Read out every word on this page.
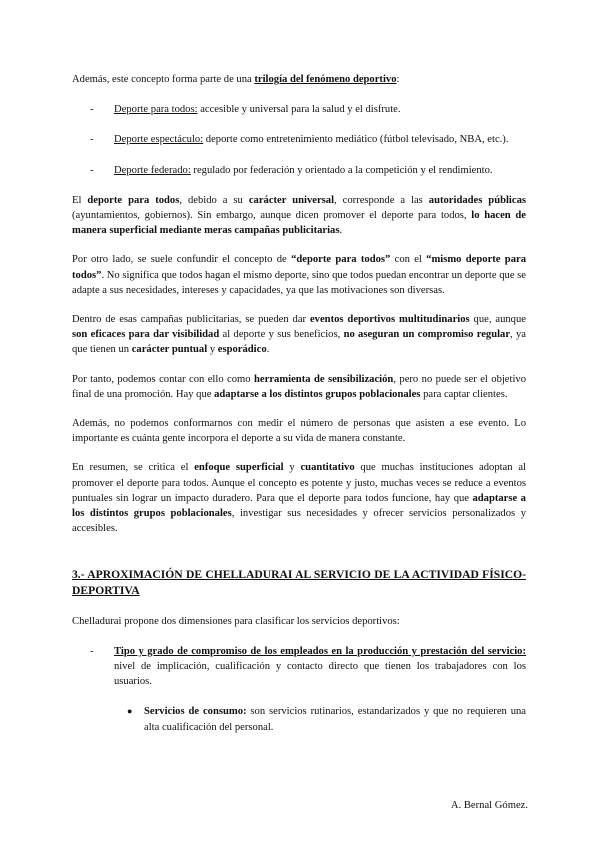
Además, este concepto forma parte de una trilogía del fenómeno deportivo:

- Deporte para todos: accesible y universal para la salud y el disfrute.

- Deporte espectáculo: deporte como entretenimiento mediático (fútbol televisado, NBA, etc.).

- Deporte federado: regulado por federación y orientado a la competición y el rendimiento.

El deporte para todos, debido a su carácter universal, corresponde a las autoridades públicas (ayuntamientos, gobiernos). Sin embargo, aunque dicen promover el deporte para todos, lo hacen de manera superficial mediante meras campañas publicitarias.

Por otro lado, se suele confundir el concepto de “deporte para todos” con el “mismo deporte para todos”. No significa que todos hagan el mismo deporte, sino que todos puedan encontrar un deporte que se adapte a sus necesidades, intereses y capacidades, ya que las motivaciones son diversas.

Dentro de esas campañas publicitarias, se pueden dar eventos deportivos multitudinarios que, aunque son eficaces para dar visibilidad al deporte y sus beneficios, no aseguran un compromiso regular, ya que tienen un carácter puntual y esporádico.

Por tanto, podemos contar con ello como herramienta de sensibilización, pero no puede ser el objetivo final de una promoción. Hay que adaptarse a los distintos grupos poblacionales para captar clientes.

Además, no podemos conformarnos con medir el número de personas que asisten a ese evento. Lo importante es cuánta gente incorpora el deporte a su vida de manera constante.

En resumen, se critica el enfoque superficial y cuantitativo que muchas instituciones adoptan al promover el deporte para todos. Aunque el concepto es potente y justo, muchas veces se reduce a eventos puntuales sin lograr un impacto duradero. Para que el deporte para todos funcione, hay que adaptarse a los distintos grupos poblacionales, investigar sus necesidades y ofrecer servicios personalizados y accesibles.

3.- APROXIMACIÓN DE CHELLADURAI AL SERVICIO DE LA ACTIVIDAD FÍSICO-DEPORTIVA

Chelladurai propone dos dimensiones para clasificar los servicios deportivos:

- Tipo y grado de compromiso de los empleados en la producción y prestación del servicio: nivel de implicación, cualificación y contacto directo que tienen los trabajadores con los usuarios.

● Servicios de consumo: son servicios rutinarios, estandarizados y que no requieren una alta cualificación del personal.

A. Bernal Gómez.
